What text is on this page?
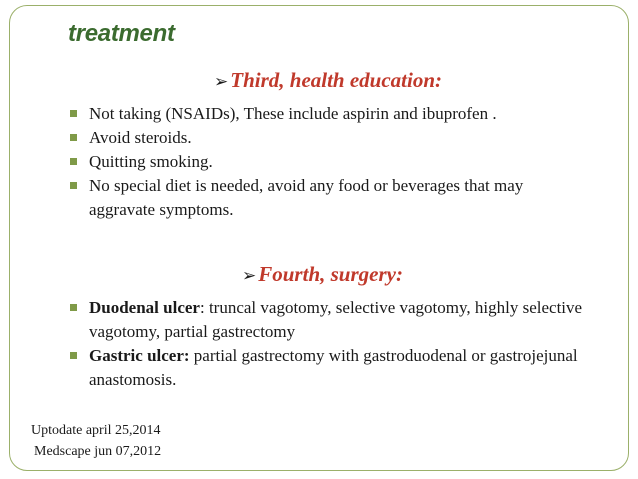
treatment
➢Third, health education:
Not taking (NSAIDs), These include aspirin and ibuprofen .
Avoid steroids.
Quitting smoking.
No special diet is needed, avoid any food or beverages that may aggravate symptoms.
➢Fourth, surgery:
Duodenal ulcer: truncal vagotomy, selective vagotomy, highly selective vagotomy, partial gastrectomy
Gastric ulcer: partial gastrectomy with gastroduodenal or gastrojejunal anastomosis.
Uptodate april 25,2014
Medscape jun 07,2012
